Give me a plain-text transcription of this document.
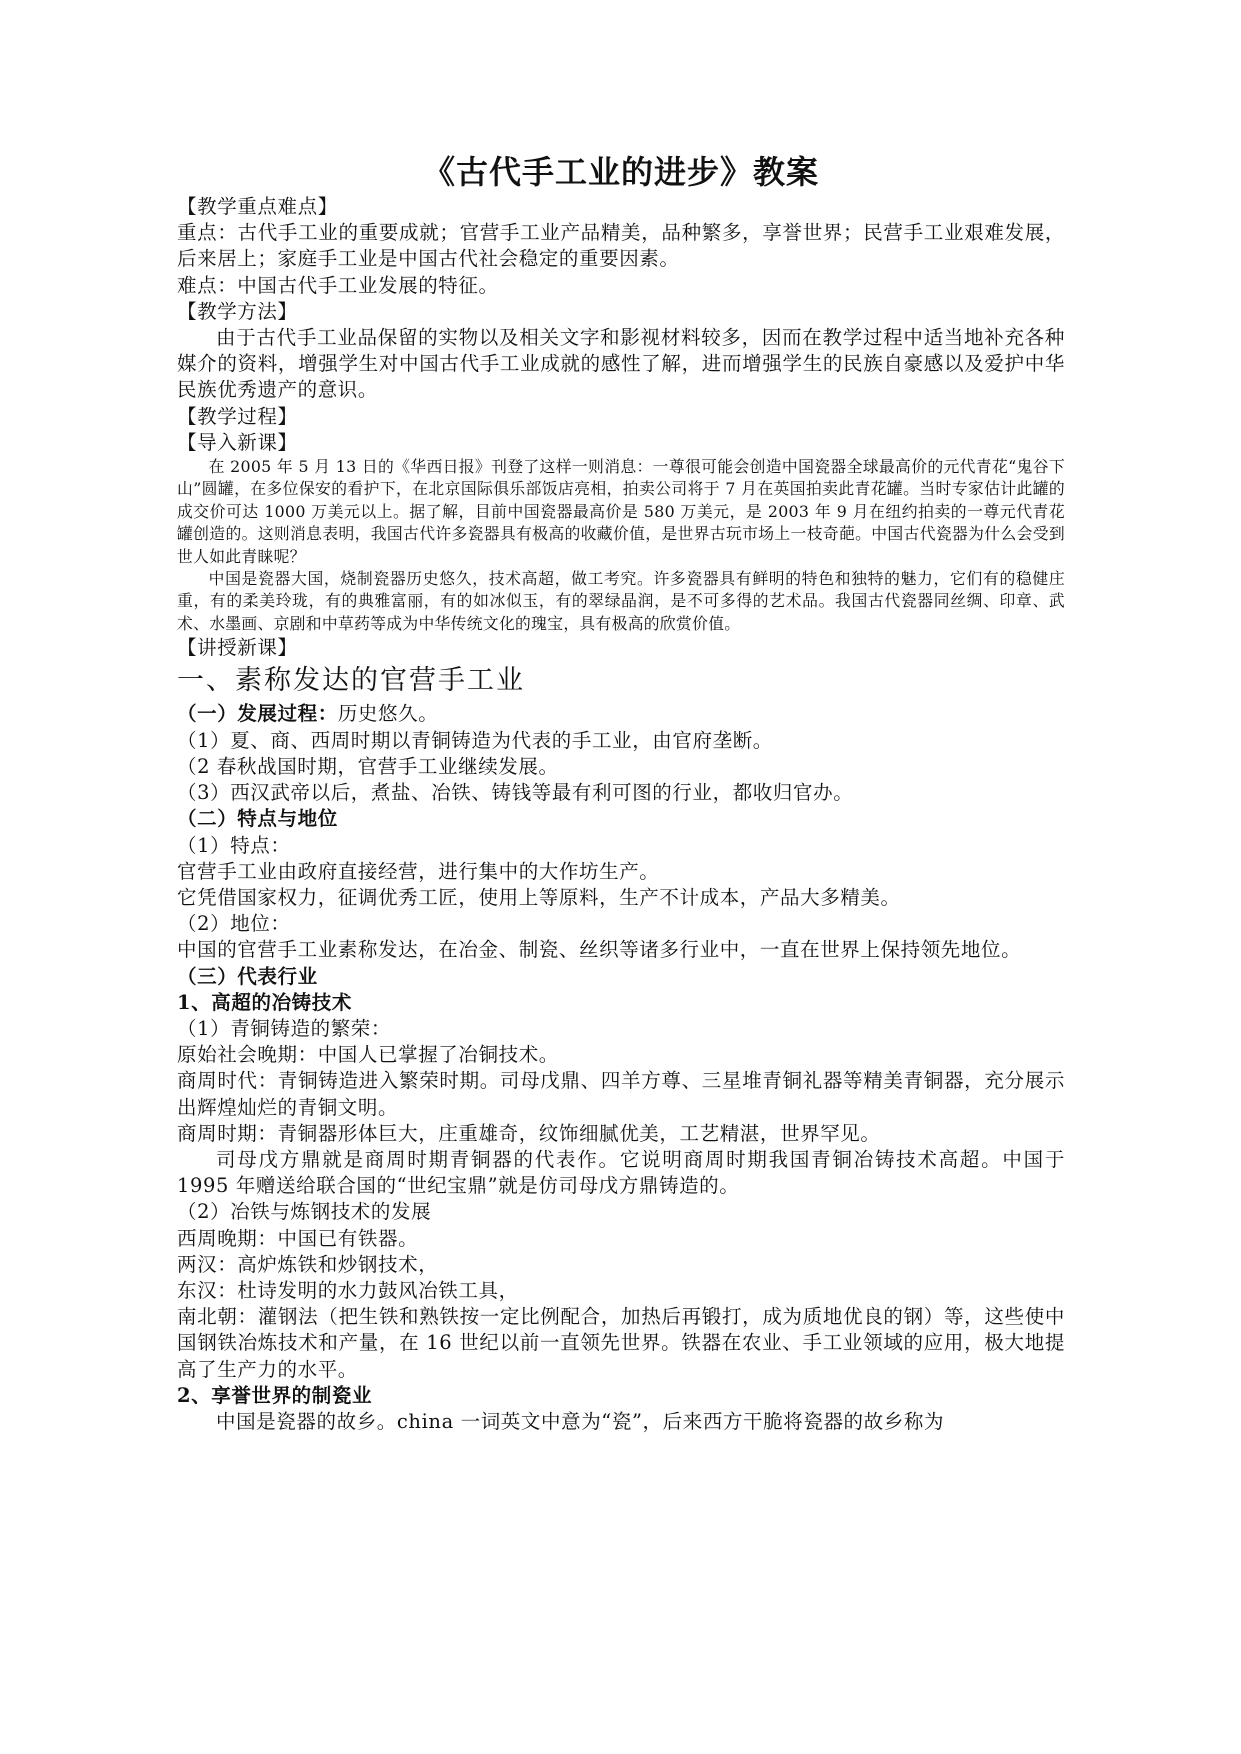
《古代手工业的进步》教案

【教学重点难点】

重点：古代手工业的重要成就；官营手工业产品精美，品种繁多，享誉世界；民营手工业艰难发展，后来居上；家庭手工业是中国古代社会稳定的重要因素。

难点：中国古代手工业发展的特征。

【教学方法】

由于古代手工业品保留的实物以及相关文字和影视材料较多，因而在教学过程中适当地补充各种媒介的资料，增强学生对中国古代手工业成就的感性了解，进而增强学生的民族自豪感以及爱护中华民族优秀遗产的意识。

【教学过程】

【导入新课】

在 2005 年 5 月 13 日的《华西日报》刊登了这样一则消息：一尊很可能会创造中国瓷器全球最高价的元代青花“鬼谷下山”圆罐，在多位保安的看护下，在北京国际俱乐部饭店亮相，拍卖公司将于 7 月在英国拍卖此青花罐。当时专家估计此罐的成交价可达 1000 万美元以上。据了解，目前中国瓷器最高价是 580 万美元，是 2003 年 9 月在纽约拍卖的一尊元代青花罐创造的。这则消息表明，我国古代许多瓷器具有极高的收藏价值，是世界古玩市场上一枝奇葩。中国古代瓷器为什么会受到世人如此青睐呢？

中国是瓷器大国，烧制瓷器历史悠久，技术高超，做工考究。许多瓷器具有鲜明的特色和独特的魅力，它们有的稳健庄重，有的柔美玲珑，有的典雅富丽，有的如冰似玉，有的翠绿晶润，是不可多得的艺术品。我国古代瓷器同丝绸、印章、武术、水墨画、京剧和中草药等成为中华传统文化的瑰宝，具有极高的欣赏价值。

【讲授新课】

一、素称发达的官营手工业

（一）发展过程：历史悠久。

（1）夏、商、西周时期以青铜铸造为代表的手工业，由官府垄断。

（2 春秋战国时期，官营手工业继续发展。

（3）西汉武帝以后，煮盐、冶铁、铸钱等最有利可图的行业，都收归官办。

（二）特点与地位

（1）特点：

官营手工业由政府直接经营，进行集中的大作坊生产。

它凭借国家权力，征调优秀工匠，使用上等原料，生产不计成本，产品大多精美。

（2）地位：

中国的官营手工业素称发达，在冶金、制瓷、丝织等诸多行业中，一直在世界上保持领先地位。

（三）代表行业

1、高超的冶铸技术

（1）青铜铸造的繁荣：

原始社会晚期：中国人已掌握了冶铜技术。

商周时代：青铜铸造进入繁荣时期。司母戊鼎、四羊方尊、三星堆青铜礼器等精美青铜器，充分展示出辉煌灿烂的青铜文明。

商周时期：青铜器形体巨大，庄重雄奇，纹饰细腻优美，工艺精湛，世界罕见。

司母戊方鼎就是商周时期青铜器的代表作。它说明商周时期我国青铜冶铸技术高超。中国于 1995 年赠送给联合国的“世纪宝鼎”就是仿司母戊方鼎铸造的。

（2）冶铁与炼钢技术的发展

西周晚期：中国已有铁器。

两汉：高炉炼铁和炒钢技术，

东汉：杜诗发明的水力鼓风冶铁工具，

南北朝：灌钢法（把生铁和熟铁按一定比例配合，加热后再锻打，成为质地优良的钢）等，这些使中国钢铁冶炼技术和产量，在 16 世纪以前一直领先世界。铁器在农业、手工业领域的应用，极大地提高了生产力的水平。

2、享誉世界的制瓷业

中国是瓷器的故乡。china 一词英文中意为“瓷”，后来西方干脆将瓷器的故乡称为
